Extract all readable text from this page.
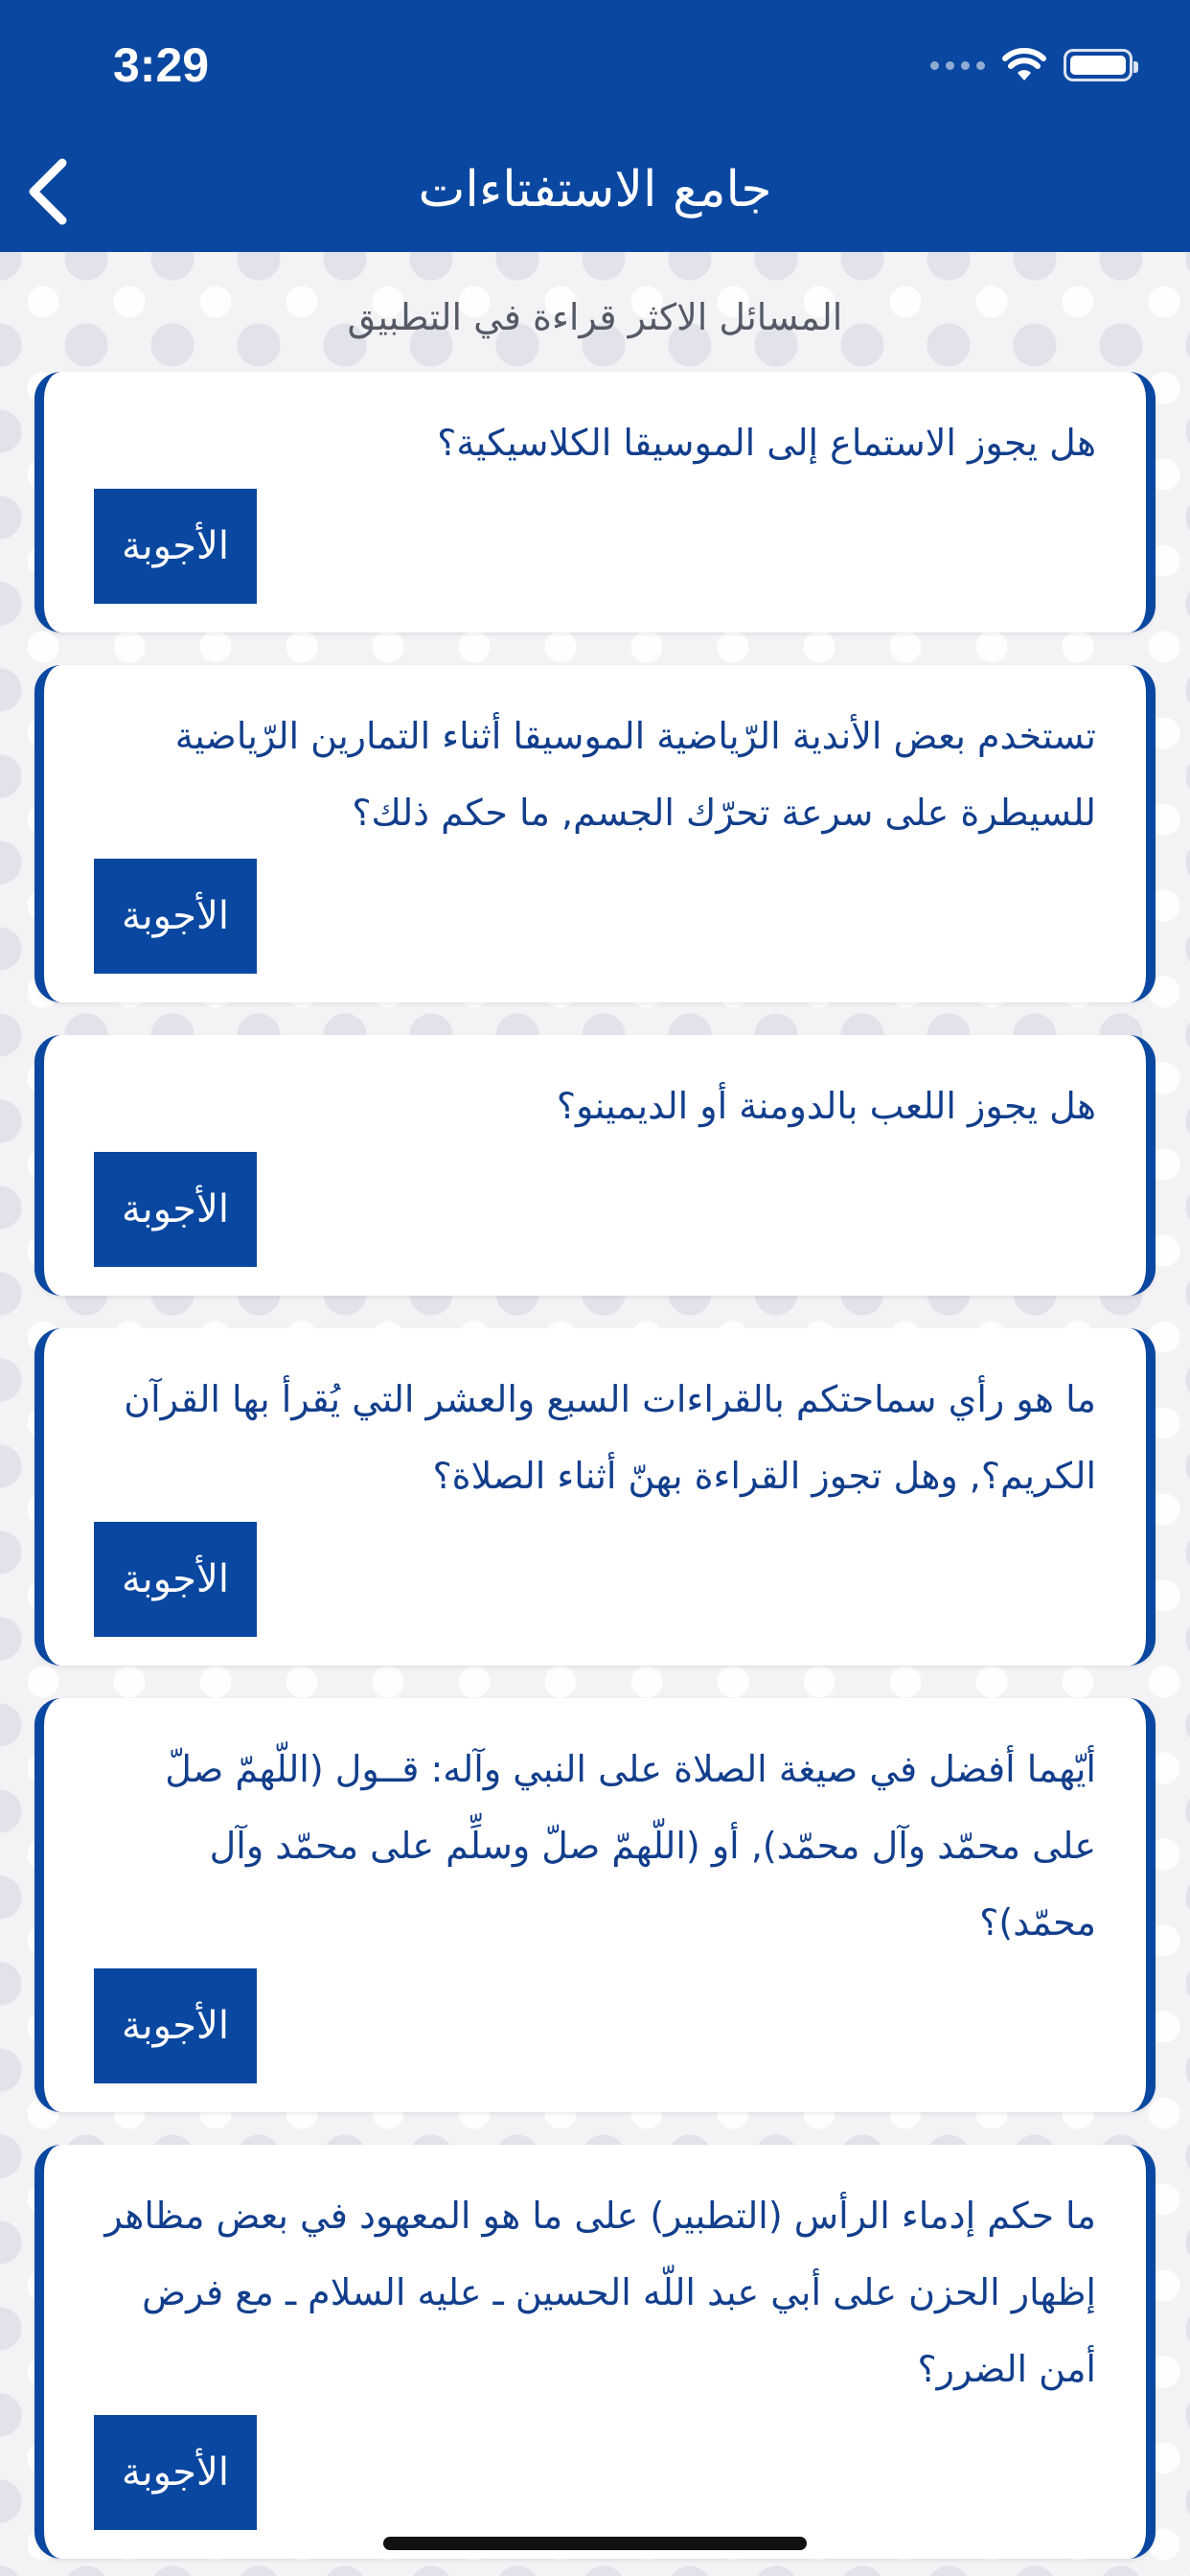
3:29
جامع الاستفتاءات
المسائل الاكثر قراءة في التطبيق
هل يجوز الاستماع إلى الموسيقا الكلاسيكية؟
الأجوبة
تستخدم بعض الأندية الرّياضية الموسيقا أثناء التمارين الرّياضية للسيطرة على سرعة تحرّك الجسم, ما حكم ذلك؟
الأجوبة
هل يجوز اللعب بالدومنة أو الديمينو؟
الأجوبة
ما هو رأي سماحتكم بالقراءات السبع والعشر التي يُقرأ بها القرآن الكريم؟, وهل تجوز القراءة بهنّ أثناء الصلاة؟
الأجوبة
أيّهما أفضل في صيغة الصلاة على النبي وآله: قــول (اللّهمّ صلّ على محمّد وآل محمّد), أو (اللّهمّ صلّ وسلِّم على محمّد وآل محمّد)؟
الأجوبة
ما حكم إدماء الرأس (التطبير) على ما هو المعهود في بعض مظاهر إظهار الحزن على أبي عبد اللّه الحسين ـ عليه السلام ـ مع فرض أمن الضرر؟
الأجوبة
